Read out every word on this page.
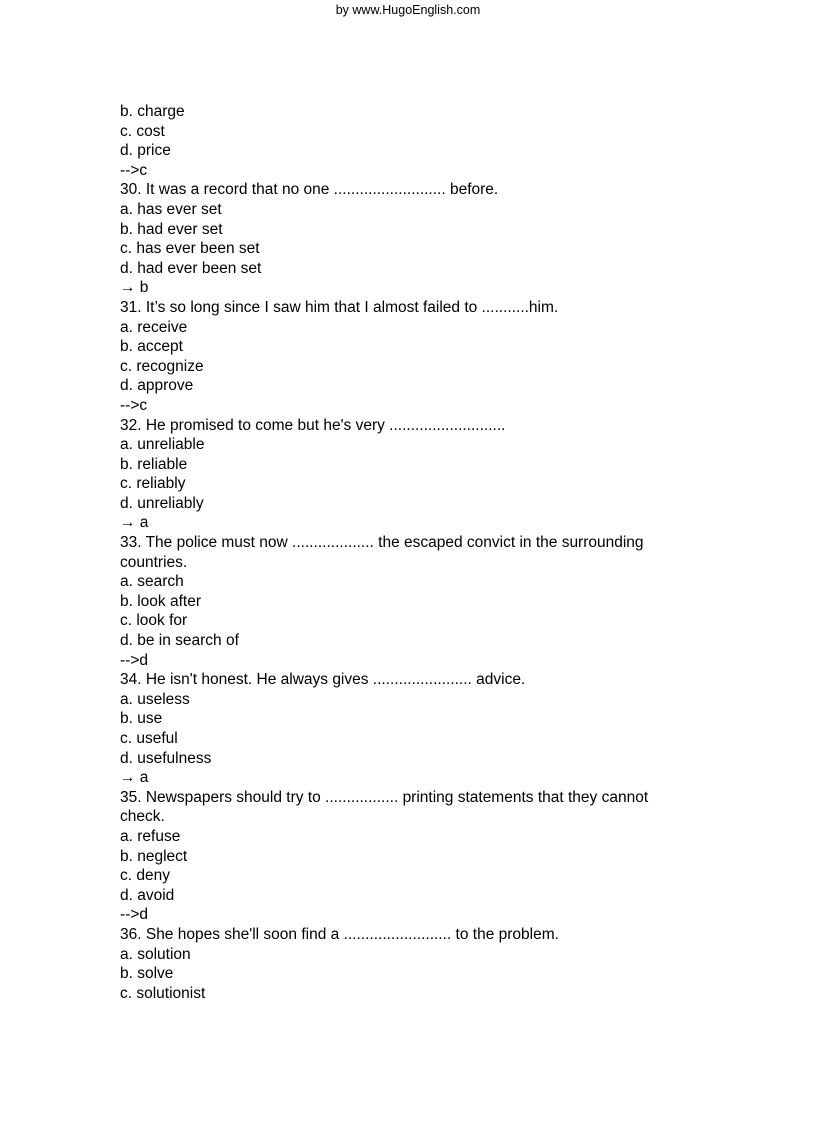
by www.HugoEnglish.com

b. charge

c. cost

d. price

-->c

30. It was a record that no one .......................... before.

a. has ever set

b. had ever set

c. has ever been set

d. had ever been set

→ b

31. It’s so long since I saw him that I almost failed to ...........him.

a. receive

b. accept

c. recognize

d. approve

-->c

32. He promised to come but he's very ...........................

a. unreliable

b. reliable

c. reliably

d. unreliably

→ a

33. The police must now ................... the escaped convict in the surrounding countries.

a. search

b. look after

c. look for

d. be in search of

-->d

34. He isn't honest. He always gives ....................... advice.

a. useless

b. use

c. useful

d. usefulness

→ a

35. Newspapers should try to ................. printing statements that they cannot check.

a. refuse

b. neglect

c. deny

d. avoid

-->d

36. She hopes she'll soon find a ......................... to the problem.

a. solution

b. solve

c. solutionist
